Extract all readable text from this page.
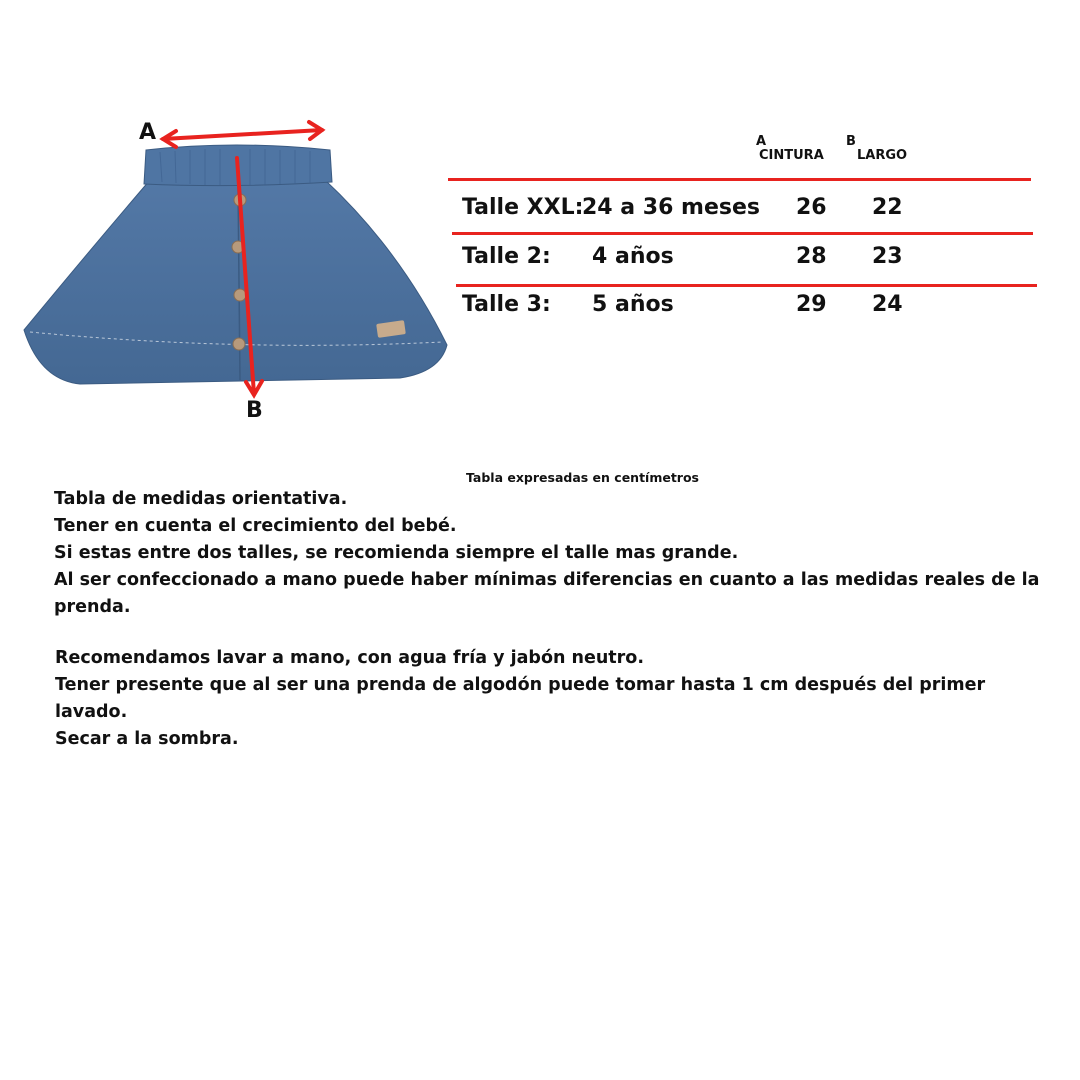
A
B
A
CINTURA
B
LARGO
Talle XXL:
24 a 36 meses 26 22
Talle 2: 4 años	28 23
Talle 3: 5 años	29 24
Tabla expresadas en centímetros
Tabla de medidas orientativa.
Tener en cuenta el crecimiento del bebé.
Si estas entre dos talles, se recomienda siempre el talle mas grande.
Al ser confeccionado a mano puede haber mínimas diferencias en cuanto a las medidas reales de la prenda.
Recomendamos lavar a mano, con agua fría y jabón neutro.
Tener presente que al ser una prenda de algodón puede tomar hasta 1 cm después del primer lavado.
Secar a la sombra.
